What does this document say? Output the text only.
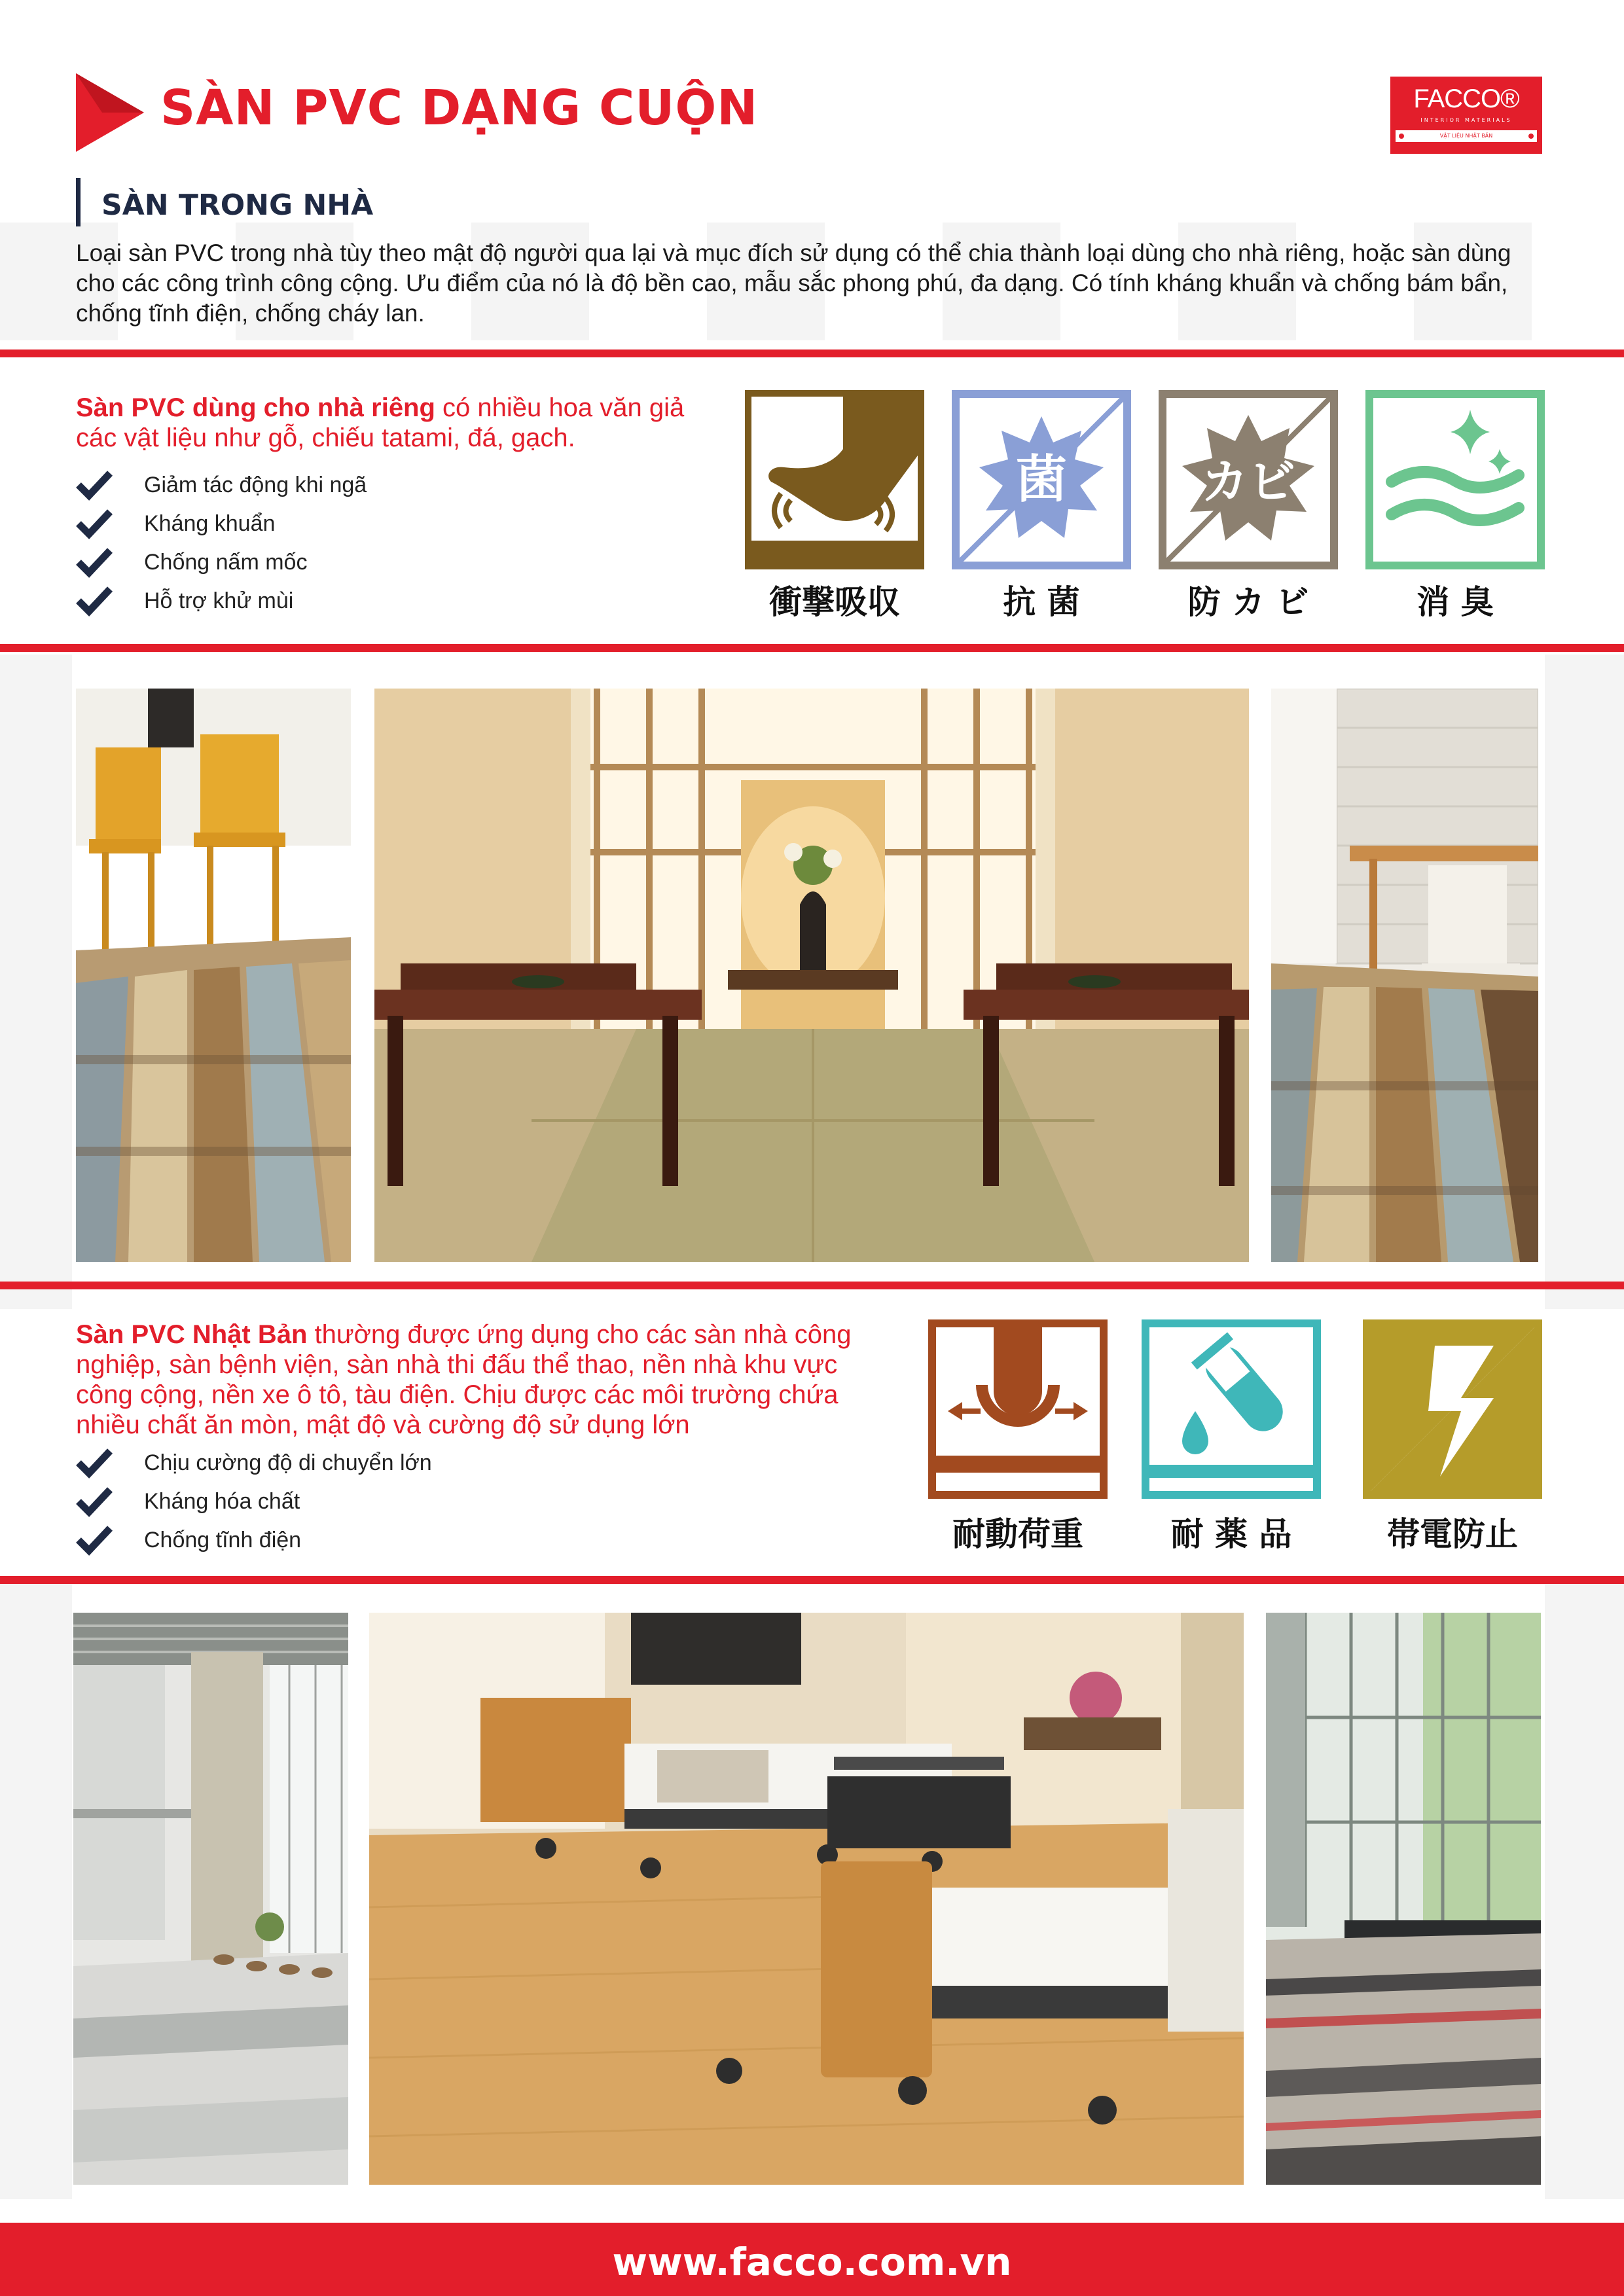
SÀN PVC DẠNG CUỘN	FACCO®
INTERIOR MATERIALS
VẬT LIỆU NHẬT BẢN
SÀN TRONG NHÀ

Loại sàn PVC trong nhà tùy theo mật độ người qua lại và mục đích sử dụng có thể chia thành loại dùng cho nhà riêng, hoặc sàn dùng cho các công trình công cộng. Ưu điểm của nó là độ bền cao, mẫu sắc phong phú, đa dạng. Có tính kháng khuẩn và chống bám bẩn, chống tĩnh điện, chống cháy lan.

Sàn PVC dùng cho nhà riêng có nhiều hoa văn giả các vật liệu như gỗ, chiếu tatami, đá, gạch.

Giảm tác động khi ngã
Kháng khuẩn
Chống nấm mốc
Hỗ trợ khử mùi	衝撃吸収
菌
抗 菌
カビ
防 カ ビ	消 臭

Sàn PVC Nhật Bản thường được ứng dụng cho các sàn nhà công nghiệp, sàn bệnh viện, sàn nhà thi đấu thể thao, nền nhà khu vực công cộng, nền xe ô tô, tàu điện. Chịu được các môi trường chứa nhiều chất ăn mòn, mật độ và cường độ sử dụng lớn

Chịu cường độ di chuyển lớn
Kháng hóa chất
Chống tĩnh điện	耐動荷重	耐 薬 品	帯電防止
www.facco.com.vn
